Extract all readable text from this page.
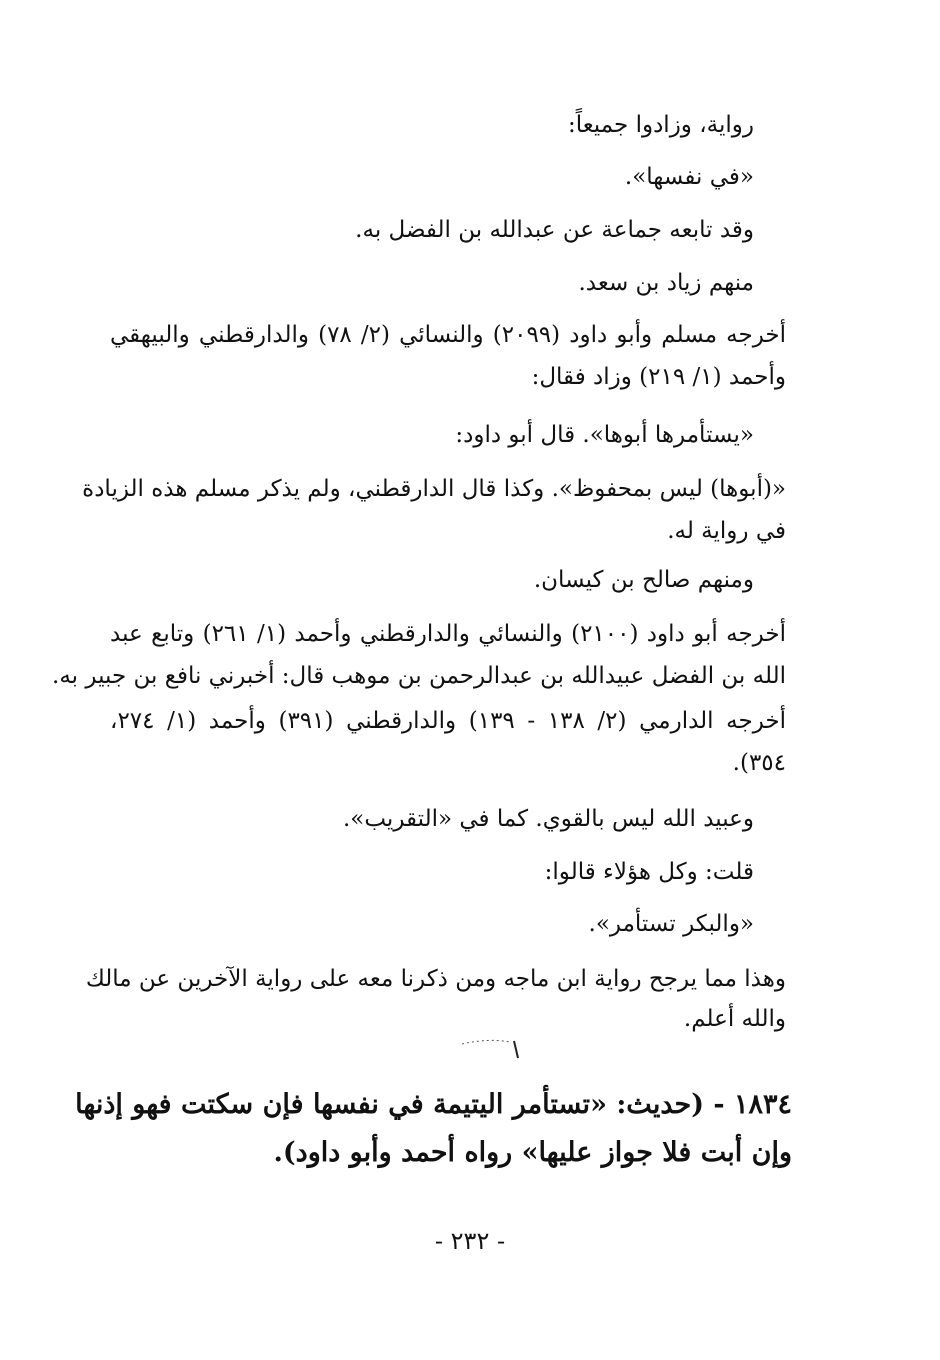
رواية، وزادوا جميعاً:

«في نفسها».

وقد تابعه جماعة عن عبدالله بن الفضل به.

منهم زياد بن سعد.

أخرجه مسلم وأبو داود (٢٠٩٩) والنسائي (٢/ ٧٨) والدارقطني والبيهقي

وأحمد (١/ ٢١٩) وزاد فقال:

«يستأمرها أبوها». قال أبو داود:

«(أبوها) ليس بمحفوظ». وكذا قال الدارقطني، ولم يذكر مسلم هذه الزيادة

في رواية له.

ومنهم صالح بن كيسان.

أخرجه أبو داود (٢١٠٠) والنسائي والدارقطني وأحمد (١/ ٢٦١) وتابع عبد

الله بن الفضل عبيدالله بن عبدالرحمن بن موهب قال: أخبرني نافع بن جبير به.

أخرجه الدارمي (٢/ ١٣٨ - ١٣٩) والدارقطني (٣٩١) وأحمد (١/ ٢٧٤،

٣٥٤).

وعبيد الله ليس بالقوي. كما في «التقريب».

قلت: وكل هؤلاء قالوا:

«والبكر تستأمر».

وهذا مما يرجح رواية ابن ماجه ومن ذكرنا معه على رواية الآخرين عن مالك

والله أعلم.

١٨٣٤ - (حديث: «تستأمر اليتيمة في نفسها فإن سكتت فهو إذنها

وإن أبت فلا جواز عليها» رواه أحمد وأبو داود).

- ٢٣٢ -
